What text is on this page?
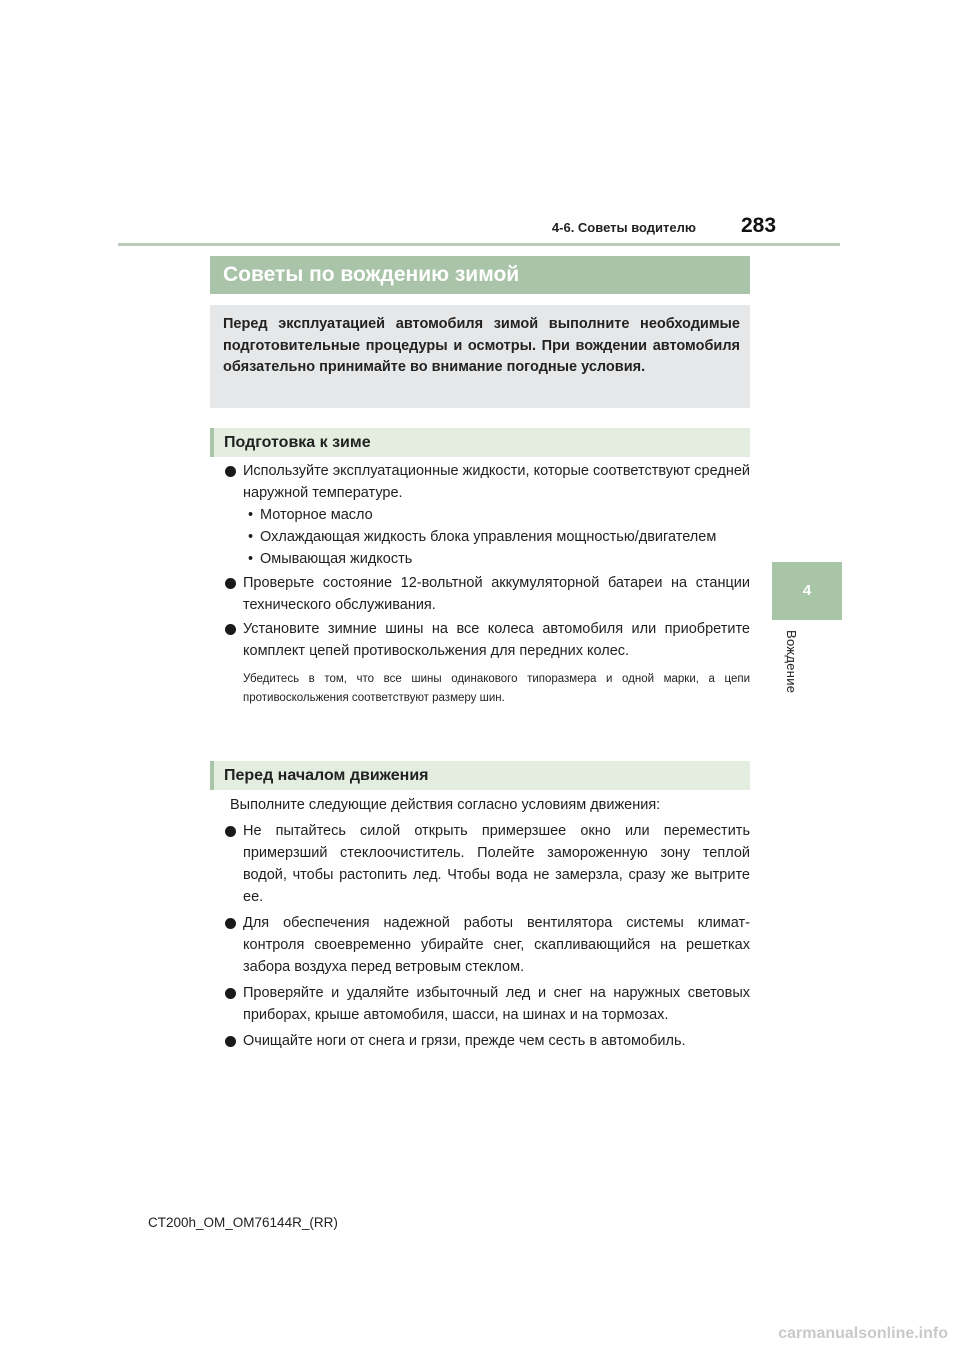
4-6. Советы водителю 283
4
Вождение
Советы по вождению зимой
Перед эксплуатацией автомобиля зимой выполните необходимые подготовительные процедуры и осмотры. При вождении автомобиля обязательно принимайте во внимание погодные условия.
Подготовка к зиме
Используйте эксплуатационные жидкости, которые соответствуют средней наружной температуре.
• Моторное масло
• Охлаждающая жидкость блока управления мощностью/двигателем
• Омывающая жидкость
Проверьте состояние 12-вольтной аккумуляторной батареи на станции технического обслуживания.
Установите зимние шины на все колеса автомобиля или приобретите комплект цепей противоскольжения для передних колес.
Убедитесь в том, что все шины одинакового типоразмера и одной марки, а цепи противоскольжения соответствуют размеру шин.
Перед началом движения
Выполните следующие действия согласно условиям движения:
Не пытайтесь силой открыть примерзшее окно или переместить примерзший стеклоочиститель. Полейте замороженную зону теплой водой, чтобы растопить лед. Чтобы вода не замерзла, сразу же вытрите ее.
Для обеспечения надежной работы вентилятора системы климат-контроля своевременно убирайте снег, скапливающийся на решетках забора воздуха перед ветровым стеклом.
Проверяйте и удаляйте избыточный лед и снег на наружных световых приборах, крыше автомобиля, шасси, на шинах и на тормозах.
Очищайте ноги от снега и грязи, прежде чем сесть в автомобиль.
CT200h_OM_OM76144R_(RR)
carmanualsonline.info
